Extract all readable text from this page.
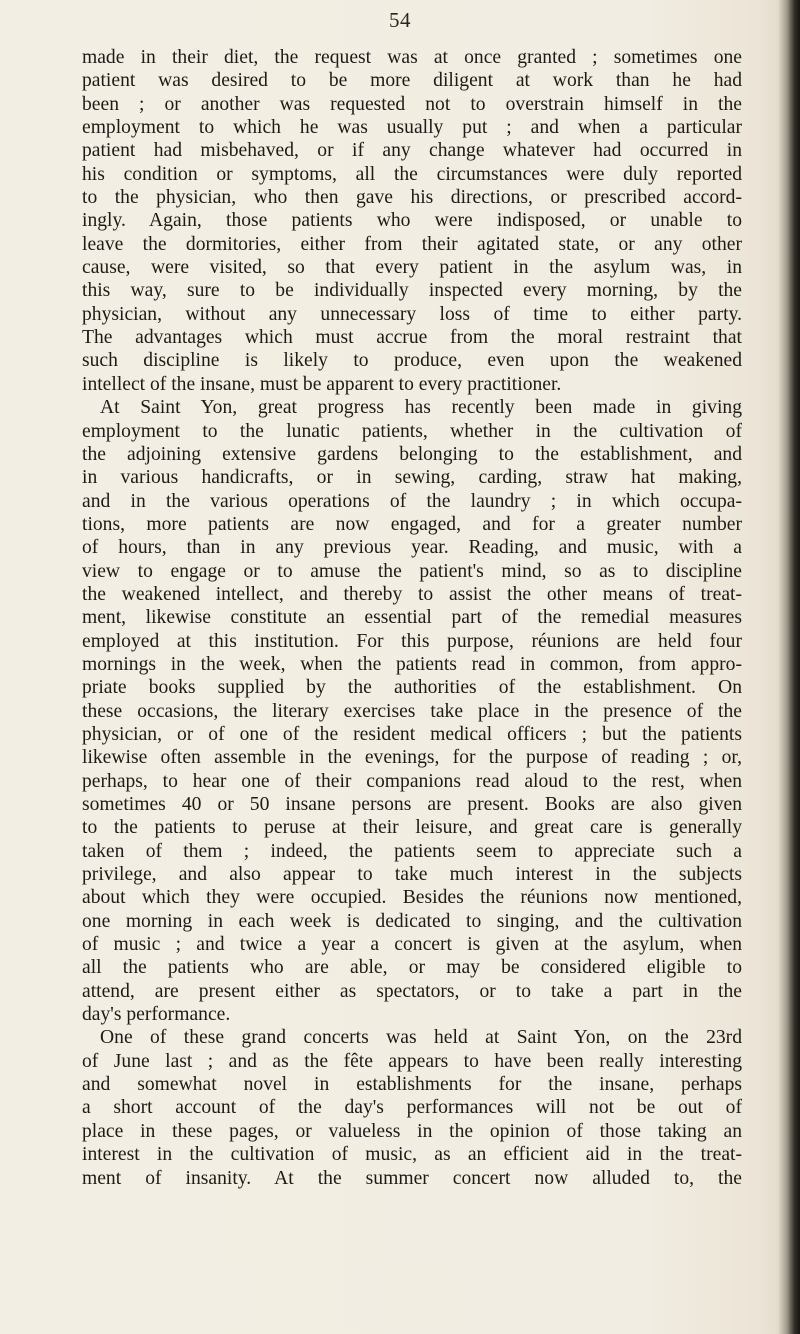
54
made in their diet, the request was at once granted ; sometimes one
patient was desired to be more diligent at work than he had
been ; or another was requested not to overstrain himself in the
employment to which he was usually put ; and when a particular
patient had misbehaved, or if any change whatever had occurred in
his condition or symptoms, all the circumstances were duly reported
to the physician, who then gave his directions, or prescribed accord-
ingly. Again, those patients who were indisposed, or unable to
leave the dormitories, either from their agitated state, or any other
cause, were visited, so that every patient in the asylum was, in
this way, sure to be individually inspected every morning, by the
physician, without any unnecessary loss of time to either party.
The advantages which must accrue from the moral restraint that
such discipline is likely to produce, even upon the weakened
intellect of the insane, must be apparent to every practitioner.
At Saint Yon, great progress has recently been made in giving
employment to the lunatic patients, whether in the cultivation of
the adjoining extensive gardens belonging to the establishment, and
in various handicrafts, or in sewing, carding, straw hat making,
and in the various operations of the laundry ; in which occupa-
tions, more patients are now engaged, and for a greater number
of hours, than in any previous year. Reading, and music, with a
view to engage or to amuse the patient's mind, so as to discipline
the weakened intellect, and thereby to assist the other means of treat-
ment, likewise constitute an essential part of the remedial measures
employed at this institution. For this purpose, réunions are held four
mornings in the week, when the patients read in common, from appro-
priate books supplied by the authorities of the establishment. On
these occasions, the literary exercises take place in the presence of the
physician, or of one of the resident medical officers ; but the patients
likewise often assemble in the evenings, for the purpose of reading ; or,
perhaps, to hear one of their companions read aloud to the rest, when
sometimes 40 or 50 insane persons are present. Books are also given
to the patients to peruse at their leisure, and great care is generally
taken of them ; indeed, the patients seem to appreciate such a
privilege, and also appear to take much interest in the subjects
about which they were occupied. Besides the réunions now mentioned,
one morning in each week is dedicated to singing, and the cultivation
of music ; and twice a year a concert is given at the asylum, when
all the patients who are able, or may be considered eligible to
attend, are present either as spectators, or to take a part in the
day's performance.
One of these grand concerts was held at Saint Yon, on the 23rd
of June last ; and as the fête appears to have been really interesting
and somewhat novel in establishments for the insane, perhaps
a short account of the day's performances will not be out of
place in these pages, or valueless in the opinion of those taking an
interest in the cultivation of music, as an efficient aid in the treat-
ment of insanity. At the summer concert now alluded to, the
